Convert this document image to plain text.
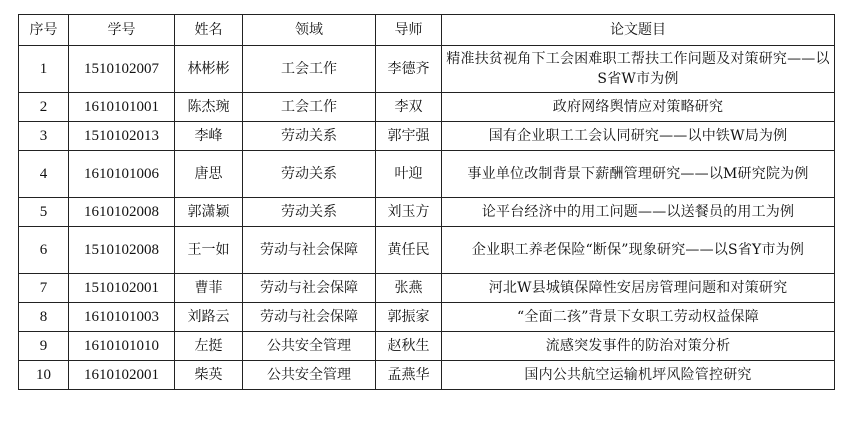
序号	学号	姓名	领域	导师	论文题目
1	1510102007	林彬彬	工会工作	李德齐	精准扶贫视角下工会困难职工帮扶工作问题及对策研究——以S省W市为例
2	1610101001	陈杰琬	工会工作	李双	政府网络舆情应对策略研究
3	1510102013	李峰	劳动关系	郭宇强	国有企业职工工会认同研究——以中铁W局为例
4	1610101006	唐思	劳动关系	叶迎	事业单位改制背景下薪酬管理研究——以M研究院为例
5	1610102008	郭潇颖	劳动关系	刘玉方	论平台经济中的用工问题——以送餐员的用工为例
6	1510102008	王一如	劳动与社会保障	黄任民	企业职工养老保险“断保”现象研究——以S省Y市为例
7	1510102001	曹菲	劳动与社会保障	张燕	河北W县城镇保障性安居房管理问题和对策研究
8	1610101003	刘路云	劳动与社会保障	郭振家	“全面二孩”背景下女职工劳动权益保障
9	1610101010	左挺	公共安全管理	赵秋生	流感突发事件的防治对策分析
10	1610102001	柴英	公共安全管理	孟燕华	国内公共航空运输机坪风险管控研究
